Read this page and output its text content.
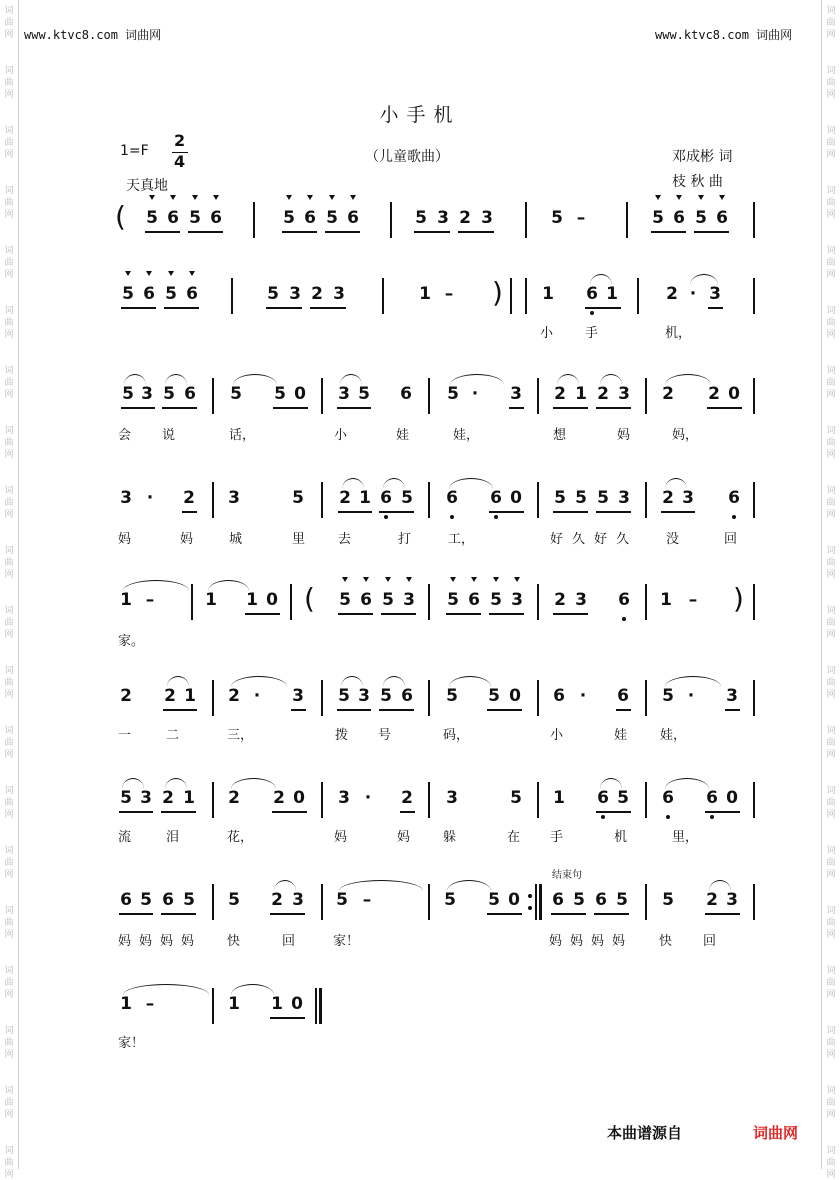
词
曲
网
词
曲
网
词
曲
网
词
曲
网
词
曲
网
词
曲
网
词
曲
网
词
曲
网
词
曲
网
词
曲
网
词
曲
网
词
曲
网
词
曲
网
词
曲
网
词
曲
网
词
曲
网
词
曲
网
词
曲
网
词
曲
网
词
曲
网
词
曲
网
词
曲
网
词
曲
网
词
曲
网
词
曲
网
词
曲
网
词
曲
网
词
曲
网
词
曲
网
词
曲
网
词
曲
网
词
曲
网
词
曲
网
词
曲
网
词
曲
网
词
曲
网
词
曲
网
词
曲
网
词
曲
网
词
曲
网
www.ktvc8.com 词曲网	www.ktvc8.com 词曲网
小手机
1=F
2
4	（儿童歌曲）	邓成彬 词
枝 秋 曲
天真地
( 5 6 5 6	5 6 5 6	5 3 2 3	5 –	5 6 5 6
5 6 5 6	5 3 2 3	1 – ) 1 6 1	2 · 3
小 手	机，
5 3 5 6 5 5 0 3 5 6 5 · 3 2 1 2 3 2 2 0
会 说	话，	小	娃	娃，	想	妈	妈，
3 · 2 3	5 2 1 6 5 6 6 0 5 5 5 3 2 3 6
妈	妈	城	里	去	打	工，	好 久 好 久	没	回
1 –	1 1 0 ( 5 6 5 3 5 6 5 3 2 3 6 1 – )
家。
2 2 1 2 · 3 5 3 5 6 5 5 0 6 · 6 5 · 3
一	二	三，	拨 号	码，	小	娃	娃，
5 3 2 1 2 2 0 3 · 2 3	5 1 6 5 6 6 0
流	泪	花，	妈	妈	躲	在 手	机	里，
结束句
6 5 6 5 5 2 3 5 –	5 5 0 6 5 6 5 5 2 3
妈 妈 妈 妈	快	回	家！	妈 妈 妈 妈	快 回
1 –	1 1 0
家！
本曲谱源自	词曲网
